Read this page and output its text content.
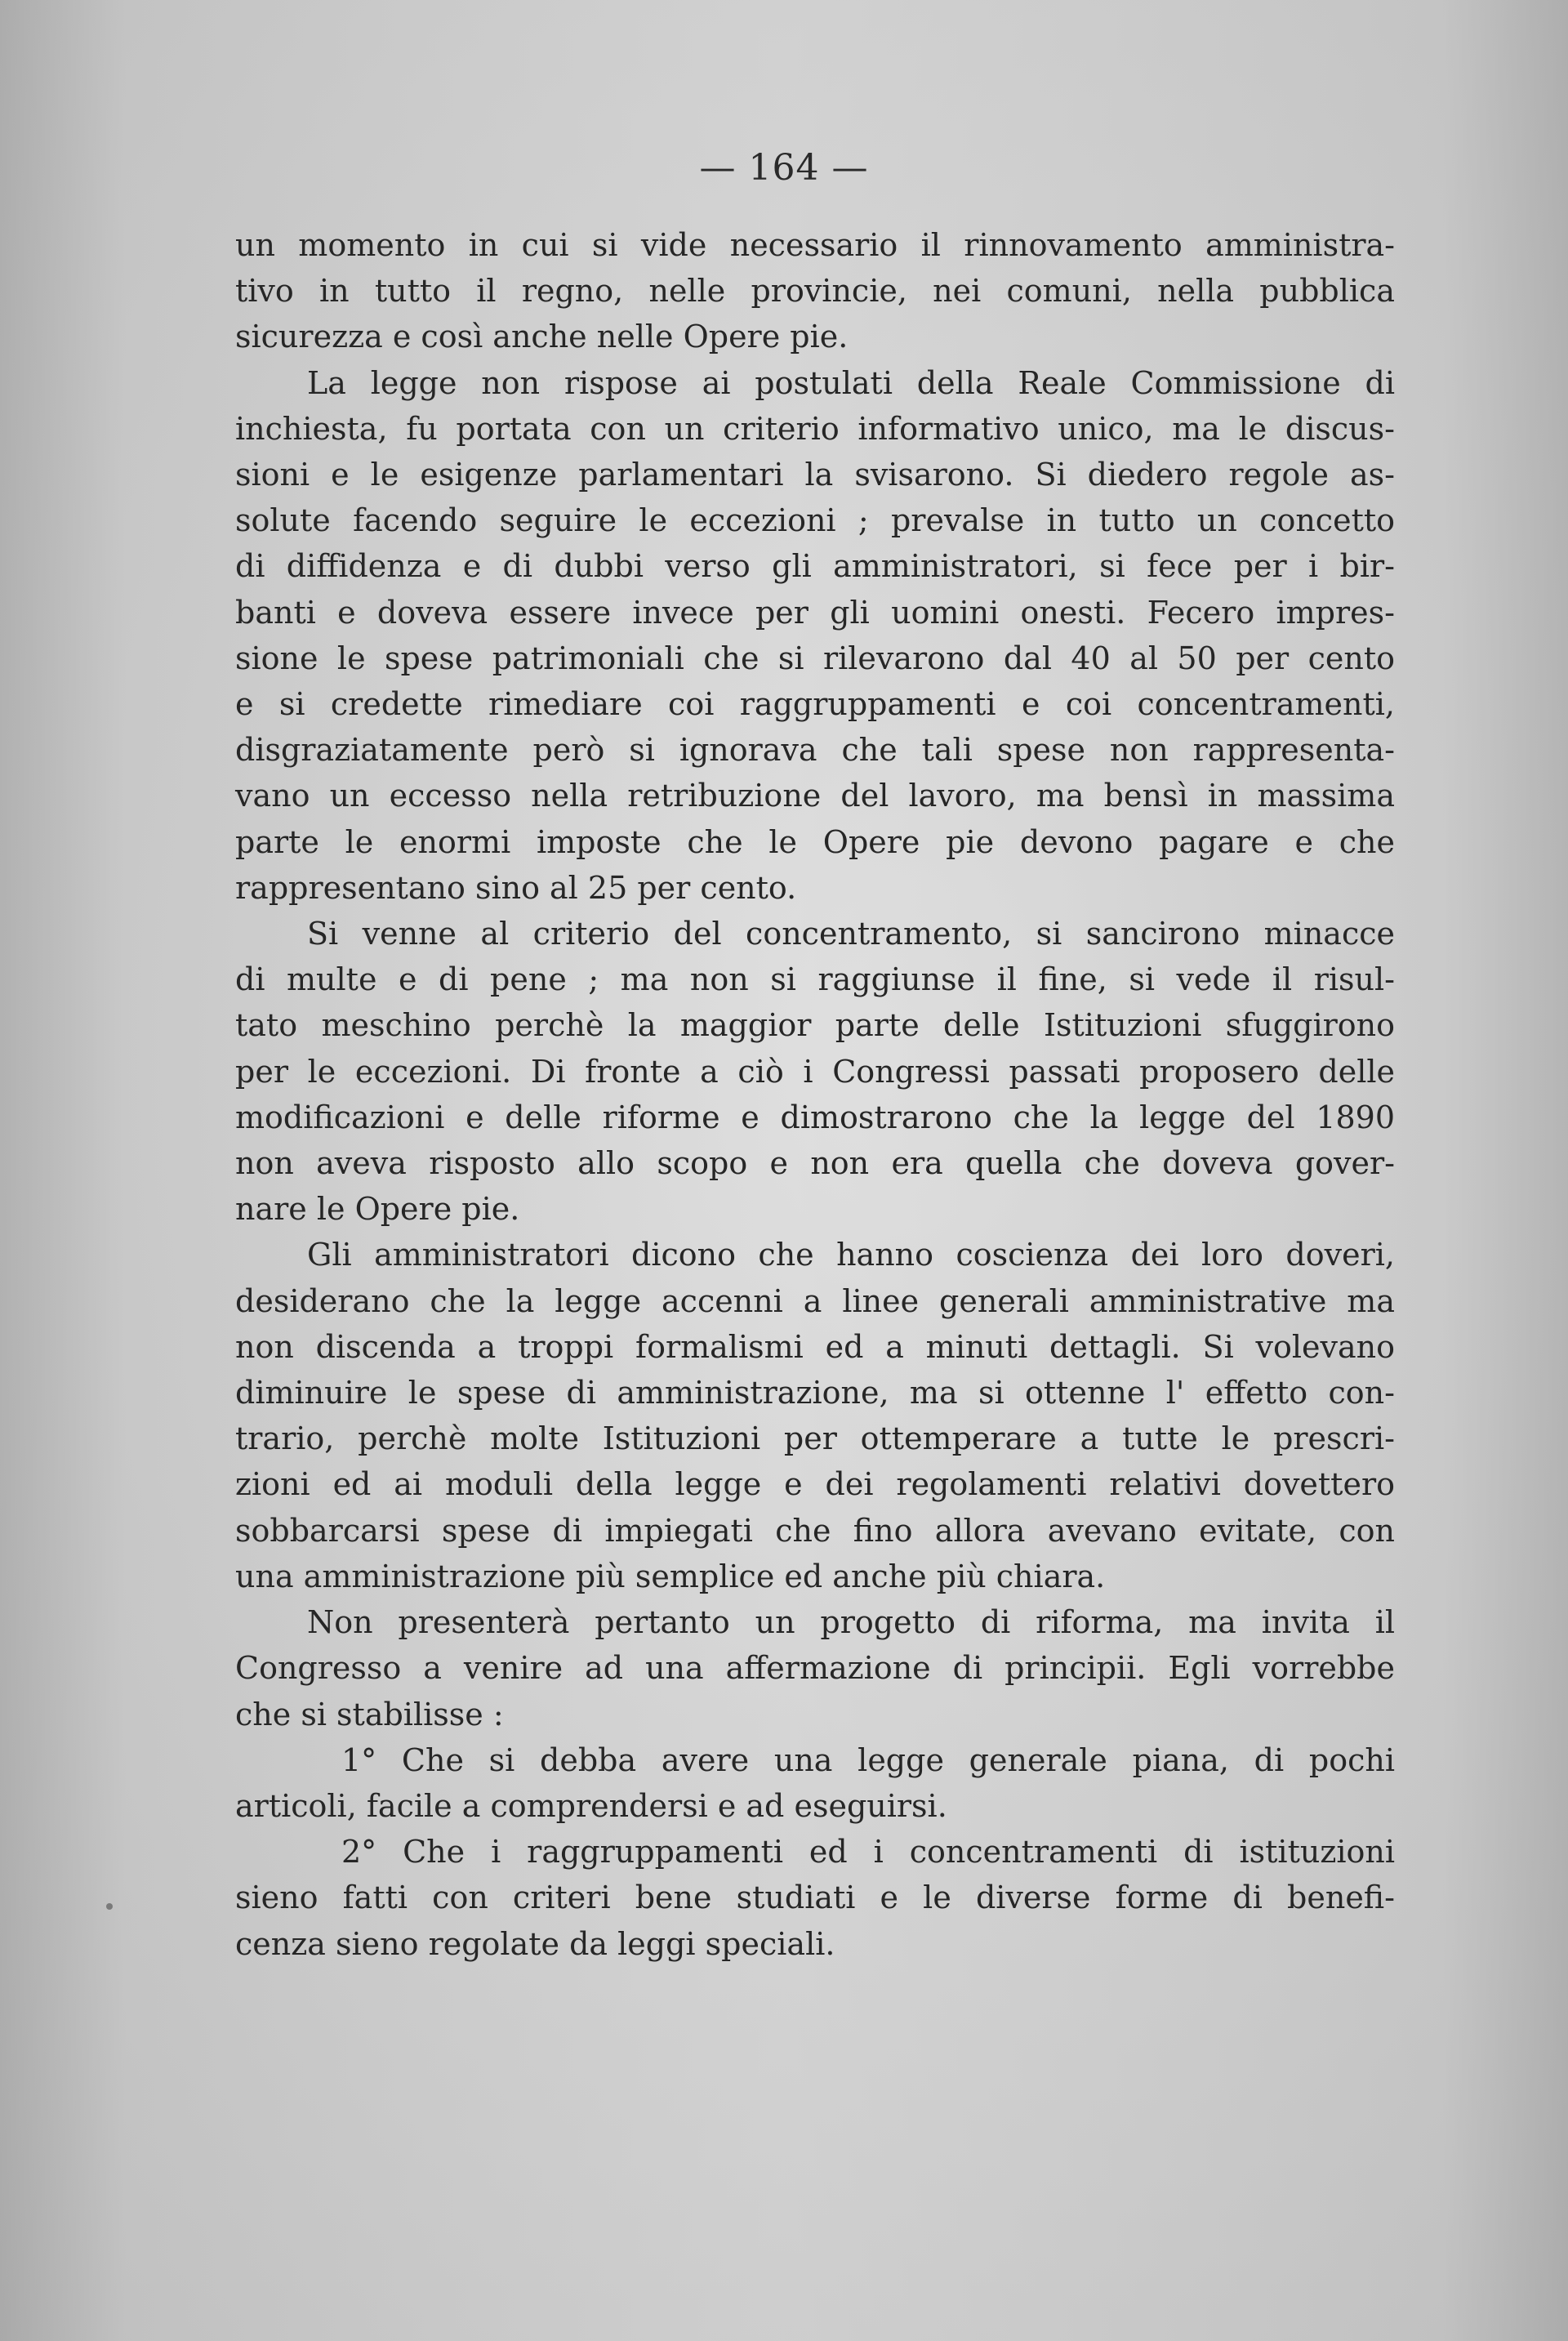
— 164 —
un momento in cui si vide necessario il rinnovamento amministra-
tivo in tutto il regno, nelle provincie, nei comuni, nella pubblica
sicurezza e così anche nelle Opere pie.
La legge non rispose ai postulati della Reale Commissione di
inchiesta, fu portata con un criterio informativo unico, ma le discus-
sioni e le esigenze parlamentari la svisarono. Si diedero regole as-
solute facendo seguire le eccezioni ; prevalse in tutto un concetto
di diffidenza e di dubbi verso gli amministratori, si fece per i bir-
banti e doveva essere invece per gli uomini onesti. Fecero impres-
sione le spese patrimoniali che si rilevarono dal 40 al 50 per cento
e si credette rimediare coi raggruppamenti e coi concentramenti,
disgraziatamente però si ignorava che tali spese non rappresenta-
vano un eccesso nella retribuzione del lavoro, ma bensì in massima
parte le enormi imposte che le Opere pie devono pagare e che
rappresentano sino al 25 per cento.
Si venne al criterio del concentramento, si sancirono minacce
di multe e di pene ; ma non si raggiunse il fine, si vede il risul-
tato meschino perchè la maggior parte delle Istituzioni sfuggirono
per le eccezioni. Di fronte a ciò i Congressi passati proposero delle
modificazioni e delle riforme e dimostrarono che la legge del 1890
non aveva risposto allo scopo e non era quella che doveva gover-
nare le Opere pie.
Gli amministratori dicono che hanno coscienza dei loro doveri,
desiderano che la legge accenni a linee generali amministrative ma
non discenda a troppi formalismi ed a minuti dettagli. Si volevano
diminuire le spese di amministrazione, ma si ottenne l' effetto con-
trario, perchè molte Istituzioni per ottemperare a tutte le prescri-
zioni ed ai moduli della legge e dei regolamenti relativi dovettero
sobbarcarsi spese di impiegati che fino allora avevano evitate, con
una amministrazione più semplice ed anche più chiara.
Non presenterà pertanto un progetto di riforma, ma invita il
Congresso a venire ad una affermazione di principii. Egli vorrebbe
che si stabilisse :
1° Che si debba avere una legge generale piana, di pochi
articoli, facile a comprendersi e ad eseguirsi.
2° Che i raggruppamenti ed i concentramenti di istituzioni
sieno fatti con criteri bene studiati e le diverse forme di benefi-
cenza sieno regolate da leggi speciali.
